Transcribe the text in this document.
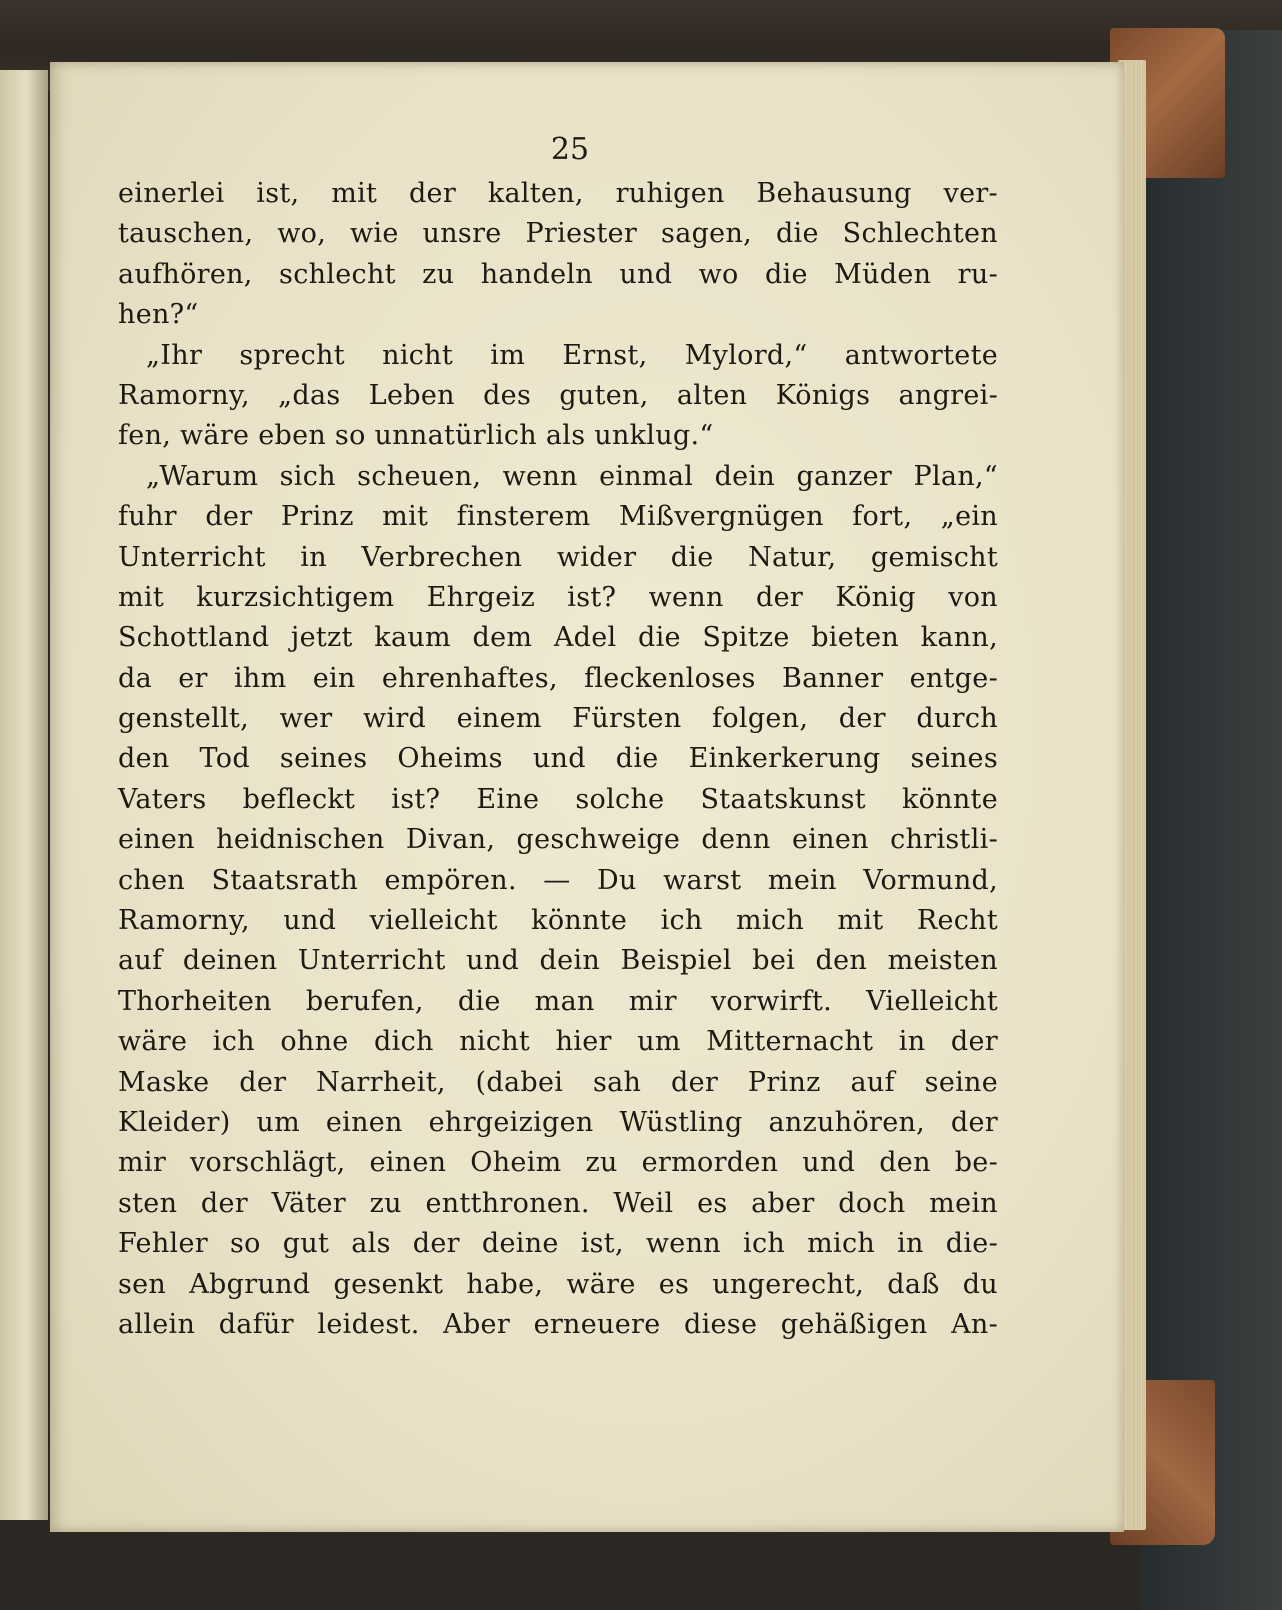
25
einerlei ist, mit der kalten, ruhigen Behausung ver-
tauschen, wo, wie unsre Priester sagen, die Schlechten
aufhören, schlecht zu handeln und wo die Müden ru-
hen?“
„Ihr sprecht nicht im Ernst, Mylord,“ antwortete
Ramorny, „das Leben des guten, alten Königs angrei-
fen, wäre eben so unnatürlich als unklug.“
„Warum sich scheuen, wenn einmal dein ganzer Plan,“
fuhr der Prinz mit finsterem Mißvergnügen fort, „ein
Unterricht in Verbrechen wider die Natur, gemischt
mit kurzsichtigem Ehrgeiz ist? wenn der König von
Schottland jetzt kaum dem Adel die Spitze bieten kann,
da er ihm ein ehrenhaftes, fleckenloses Banner entge-
genstellt, wer wird einem Fürsten folgen, der durch
den Tod seines Oheims und die Einkerkerung seines
Vaters befleckt ist? Eine solche Staatskunst könnte
einen heidnischen Divan, geschweige denn einen christli-
chen Staatsrath empören. — Du warst mein Vormund,
Ramorny, und vielleicht könnte ich mich mit Recht
auf deinen Unterricht und dein Beispiel bei den meisten
Thorheiten berufen, die man mir vorwirft. Vielleicht
wäre ich ohne dich nicht hier um Mitternacht in der
Maske der Narrheit, (dabei sah der Prinz auf seine
Kleider) um einen ehrgeizigen Wüstling anzuhören, der
mir vorschlägt, einen Oheim zu ermorden und den be-
sten der Väter zu entthronen. Weil es aber doch mein
Fehler so gut als der deine ist, wenn ich mich in die-
sen Abgrund gesenkt habe, wäre es ungerecht, daß du
allein dafür leidest. Aber erneuere diese gehäßigen An-
